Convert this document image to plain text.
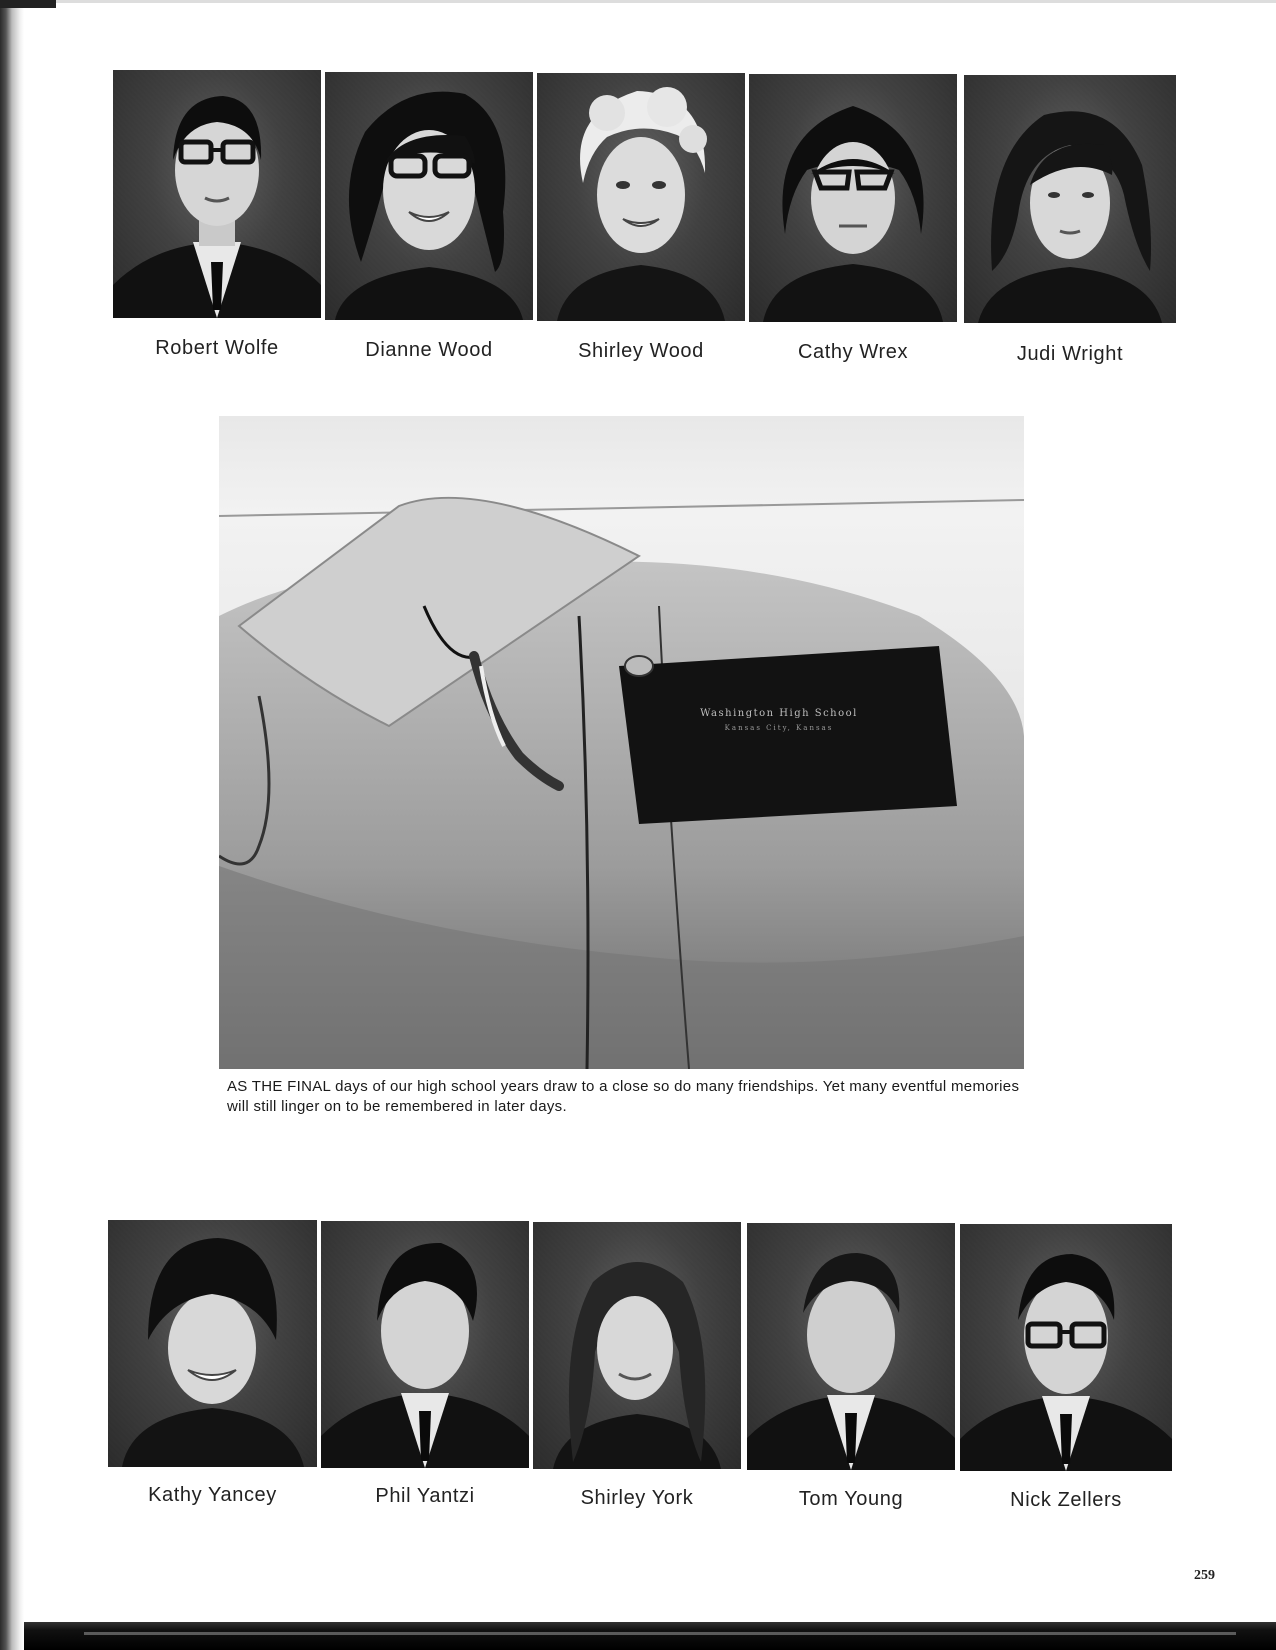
Robert Wolfe	Dianne Wood	Shirley Wood	Cathy Wrex	Judi Wright
Washington High School
Kansas City, Kansas
AS THE FINAL days of our high school years draw to a close so do many friendships. Yet many eventful memories will still linger on to be remembered in later days.
Kathy Yancey	Phil Yantzi	Shirley York	Tom Young	Nick Zellers
259
